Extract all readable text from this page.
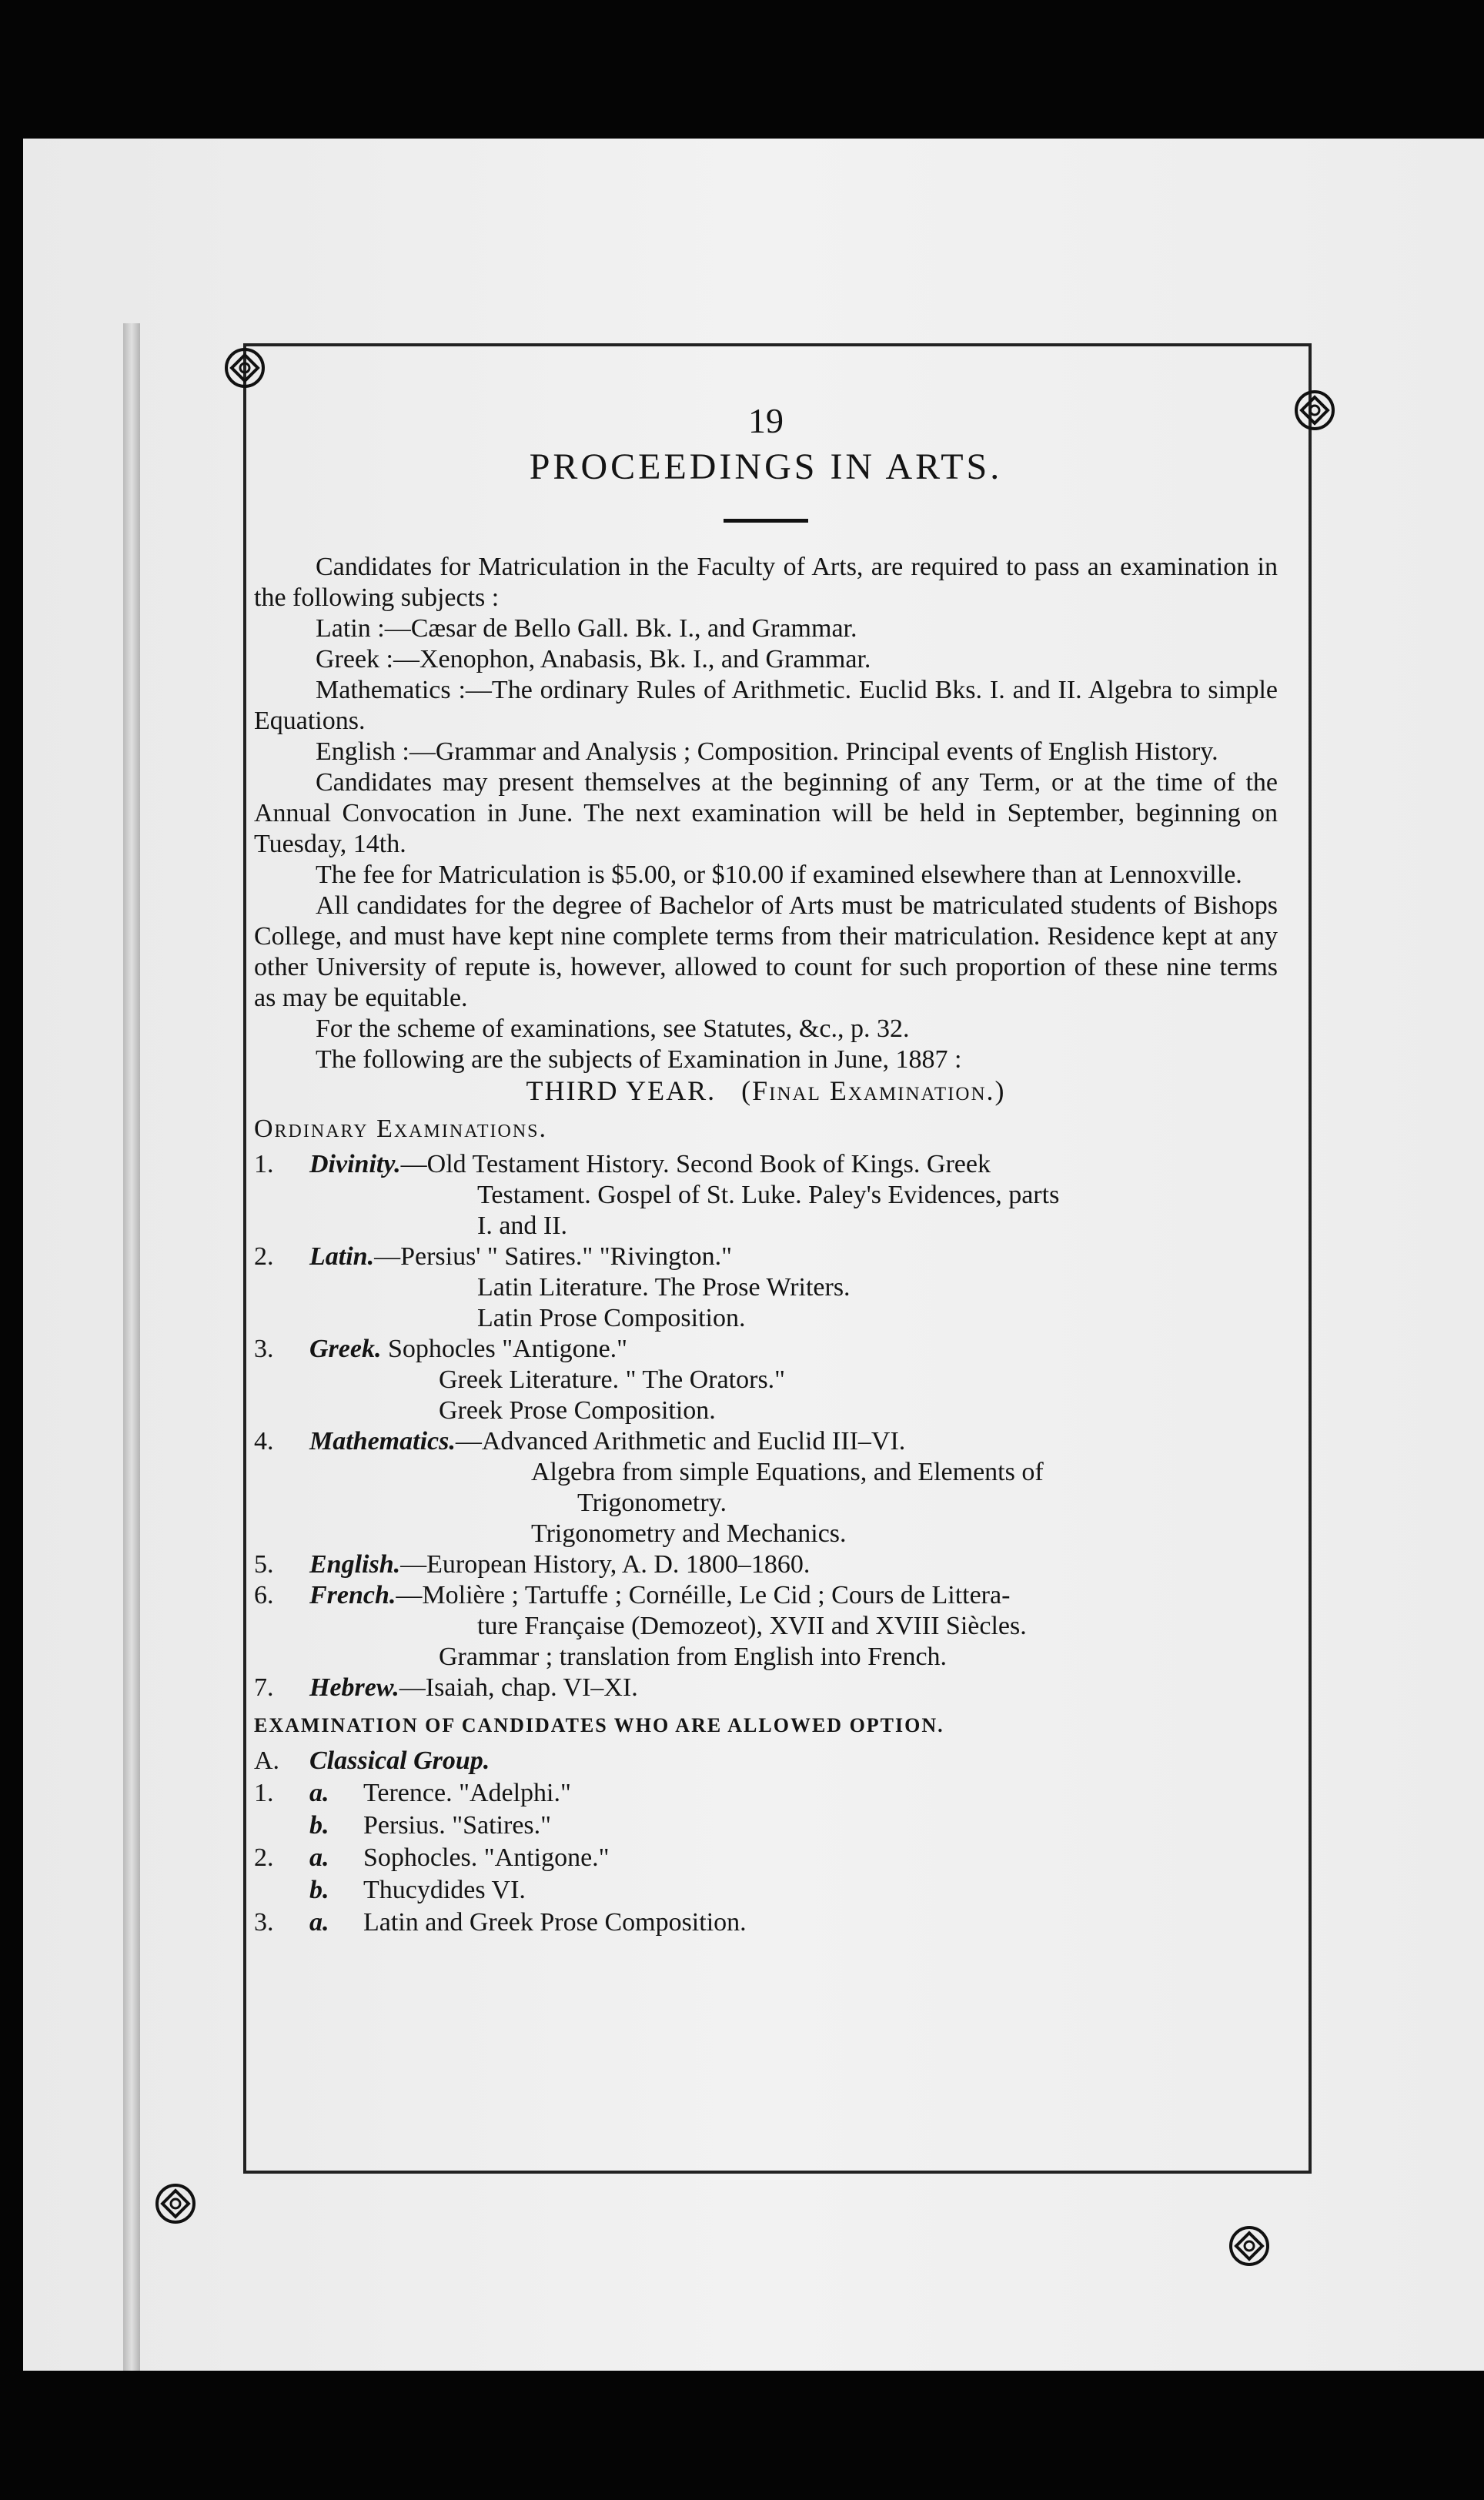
19
PROCEEDINGS IN ARTS.

Candidates for Matriculation in the Faculty of Arts, are required to pass an examination in the following subjects :

Latin :—Cæsar de Bello Gall. Bk. I., and Grammar.

Greek :—Xenophon, Anabasis, Bk. I., and Grammar.

Mathematics :—The ordinary Rules of Arithmetic. Euclid Bks. I. and II. Algebra to simple Equations.

English :—Grammar and Analysis ; Composition. Principal events of English History.

Candidates may present themselves at the beginning of any Term, or at the time of the Annual Convocation in June. The next examination will be held in September, beginning on Tuesday, 14th.

The fee for Matriculation is $5.00, or $10.00 if examined elsewhere than at Lennoxville.

All candidates for the degree of Bachelor of Arts must be matriculated students of Bishops College, and must have kept nine complete terms from their matriculation. Residence kept at any other University of repute is, however, allowed to count for such proportion of these nine terms as may be equitable.

For the scheme of examinations, see Statutes, &c., p. 32.

The following are the subjects of Examination in June, 1887 :

THIRD YEAR. (Final Examination.)

Ordinary Examinations.

1.	Divinity.—Old Testament History. Second Book of Kings. Greek
Testament. Gospel of St. Luke. Paley's Evidences, parts
I. and II.
2.	Latin.—Persius' " Satires." "Rivington."
Latin Literature. The Prose Writers.
Latin Prose Composition.
3.	Greek. Sophocles "Antigone."
Greek Literature. " The Orators."
Greek Prose Composition.
4.	Mathematics.—Advanced Arithmetic and Euclid III–VI.
Algebra from simple Equations, and Elements of
Trigonometry.
Trigonometry and Mechanics.
5.	English.—European History, A. D. 1800–1860.
6.	French.—Molière ; Tartuffe ; Cornéille, Le Cid ; Cours de Littera-
ture Française (Demozeot), XVII and XVIII Siècles.
Grammar ; translation from English into French.
7.	Hebrew.—Isaiah, chap. VI–XI.
EXAMINATION OF CANDIDATES WHO ARE ALLOWED OPTION.
A.	Classical Group.
1.	a.	Terence. "Adelphi."
b.	Persius. "Satires."
2.	a.	Sophocles. "Antigone."
b.	Thucydides VI.
3.	a.	Latin and Greek Prose Composition.
